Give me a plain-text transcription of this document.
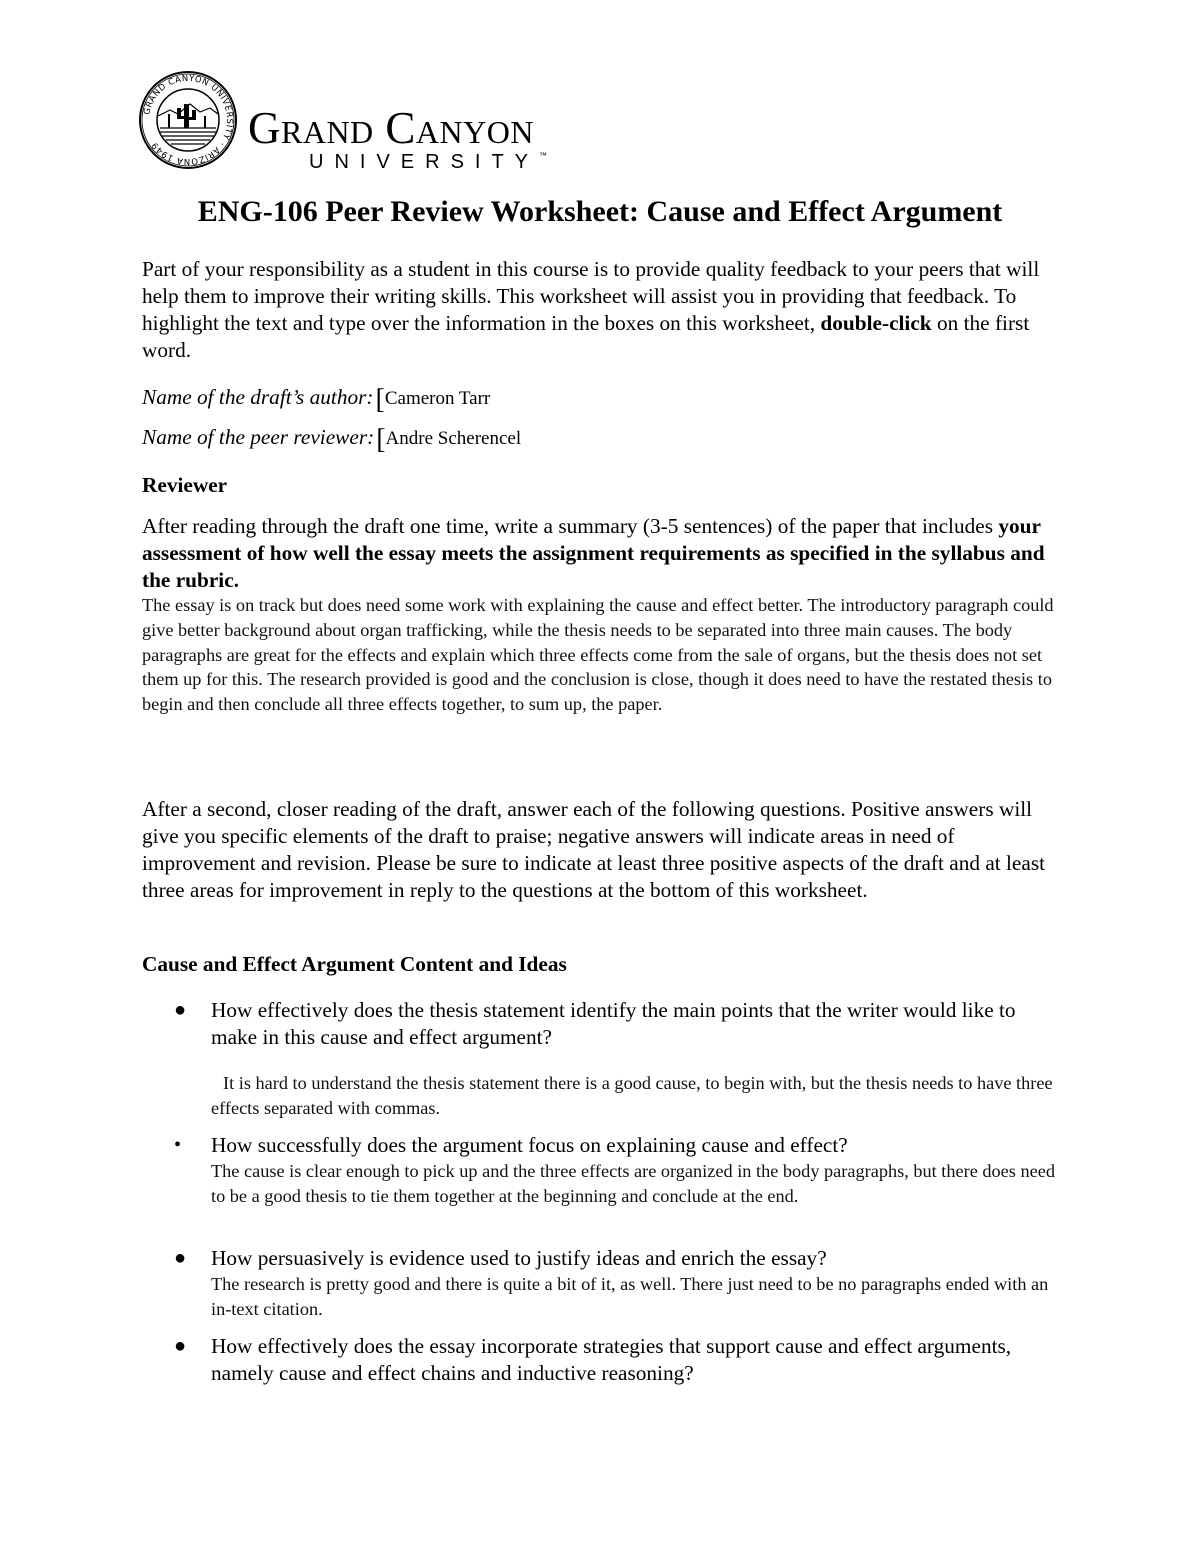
GRAND CANYON UNIVERSITY · ARIZONA 1949	Grand Canyon
UNIVERSITY™
ENG-106 Peer Review Worksheet: Cause and Effect Argument

Part of your responsibility as a student in this course is to provide quality feedback to your peers that will help them to improve their writing skills. This worksheet will assist you in providing that feedback. To highlight the text and type over the information in the boxes on this worksheet, double-click on the first word.

Name of the draft’s author:[Cameron Tarr
Name of the peer reviewer:[Andre Scherencel
Reviewer

After reading through the draft one time, write a summary (3-5 sentences) of the paper that includes your assessment of how well the essay meets the assignment requirements as specified in the syllabus and the rubric.

The essay is on track but does need some work with explaining the cause and effect better. The introductory paragraph could give better background about organ trafficking, while the thesis needs to be separated into three main causes. The body paragraphs are great for the effects and explain which three effects come from the sale of organs, but the thesis does not set them up for this. The research provided is good and the conclusion is close, though it does need to have the restated thesis to begin and then conclude all three effects together, to sum up, the paper.

After a second, closer reading of the draft, answer each of the following questions. Positive answers will give you specific elements of the draft to praise; negative answers will indicate areas in need of improvement and revision. Please be sure to indicate at least three positive aspects of the draft and at least three areas for improvement in reply to the questions at the bottom of this worksheet.

Cause and Effect Argument Content and Ideas
● How effectively does the thesis statement identify the main points that the writer would like to make in this cause and effect argument?

It is hard to understand the thesis statement there is a good cause, to begin with, but the thesis needs to have three effects separated with commas.

• How successfully does the argument focus on explaining cause and effect?

The cause is clear enough to pick up and the three effects are organized in the body paragraphs, but there does need to be a good thesis to tie them together at the beginning and conclude at the end.

● How persuasively is evidence used to justify ideas and enrich the essay?

The research is pretty good and there is quite a bit of it, as well. There just need to be no paragraphs ended with an in-text citation.

● How effectively does the essay incorporate strategies that support cause and effect arguments, namely cause and effect chains and inductive reasoning?
